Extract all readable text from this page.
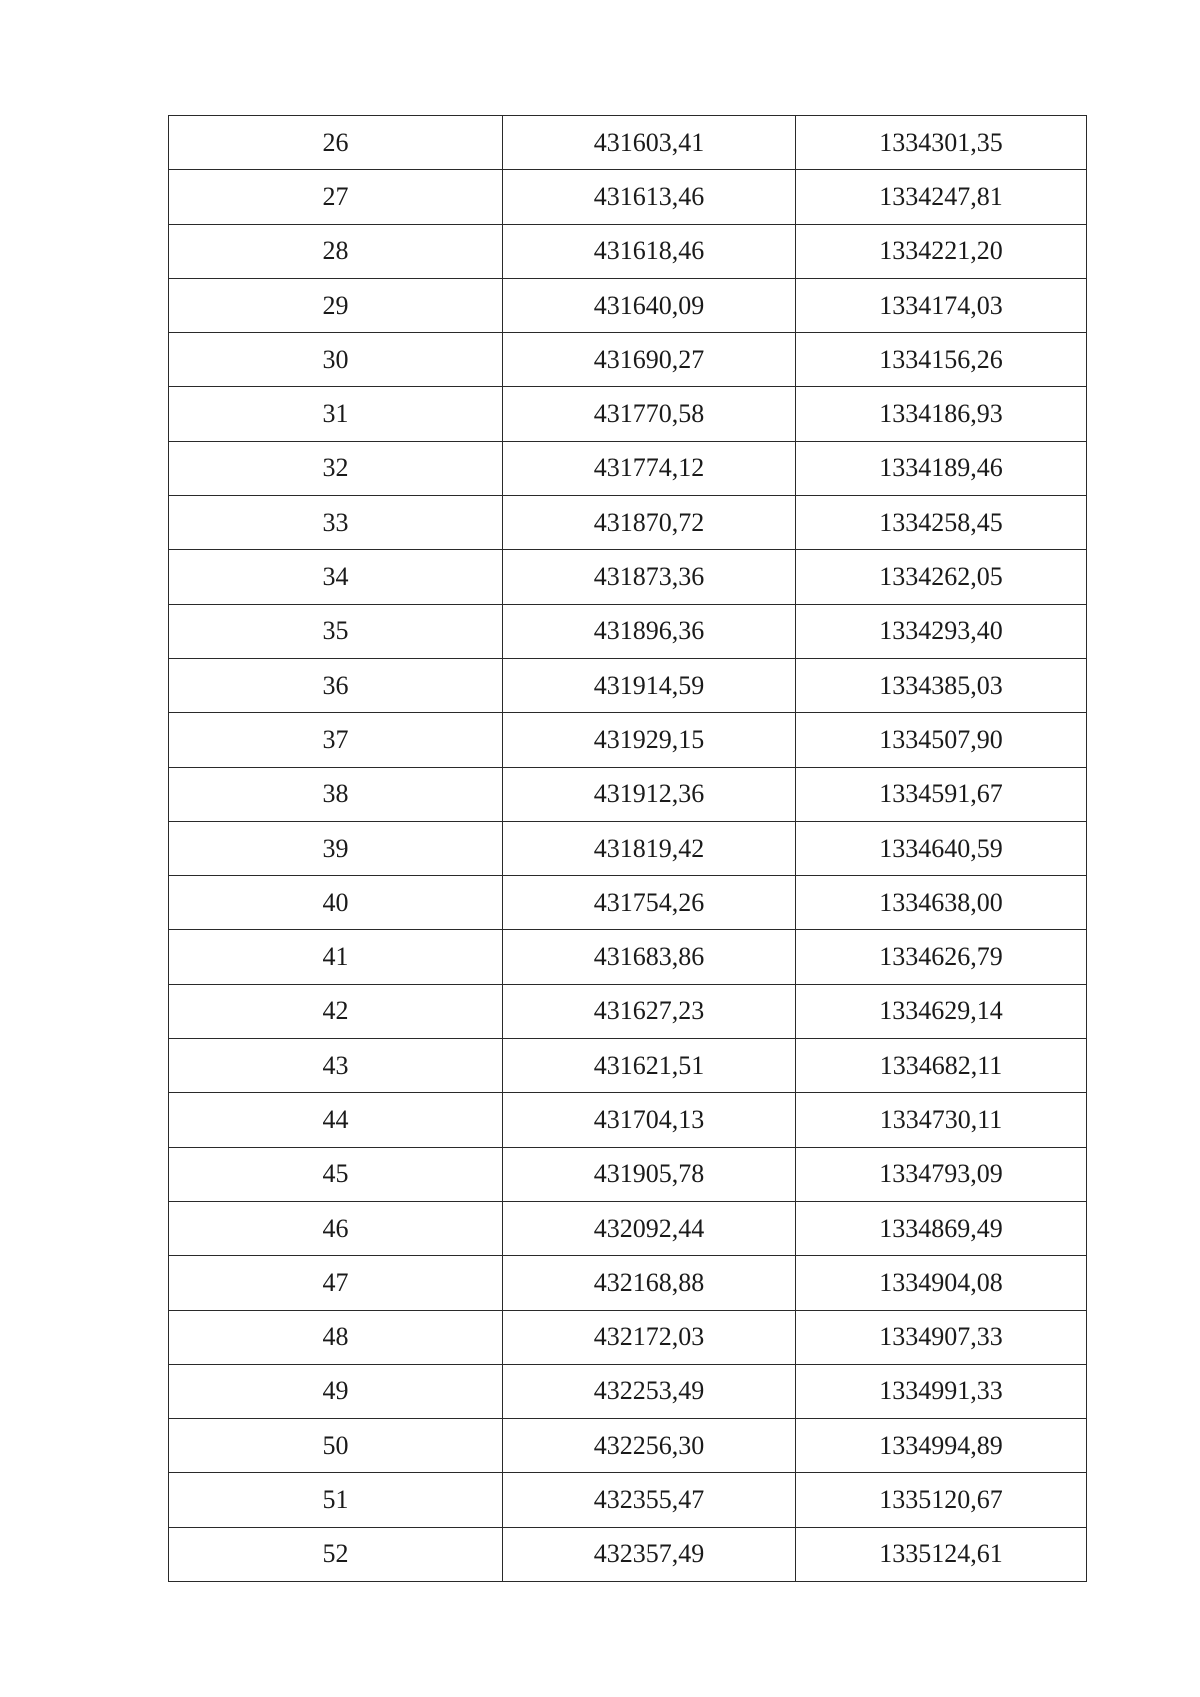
26	431603,41	1334301,35
27	431613,46	1334247,81
28	431618,46	1334221,20
29	431640,09	1334174,03
30	431690,27	1334156,26
31	431770,58	1334186,93
32	431774,12	1334189,46
33	431870,72	1334258,45
34	431873,36	1334262,05
35	431896,36	1334293,40
36	431914,59	1334385,03
37	431929,15	1334507,90
38	431912,36	1334591,67
39	431819,42	1334640,59
40	431754,26	1334638,00
41	431683,86	1334626,79
42	431627,23	1334629,14
43	431621,51	1334682,11
44	431704,13	1334730,11
45	431905,78	1334793,09
46	432092,44	1334869,49
47	432168,88	1334904,08
48	432172,03	1334907,33
49	432253,49	1334991,33
50	432256,30	1334994,89
51	432355,47	1335120,67
52	432357,49	1335124,61
